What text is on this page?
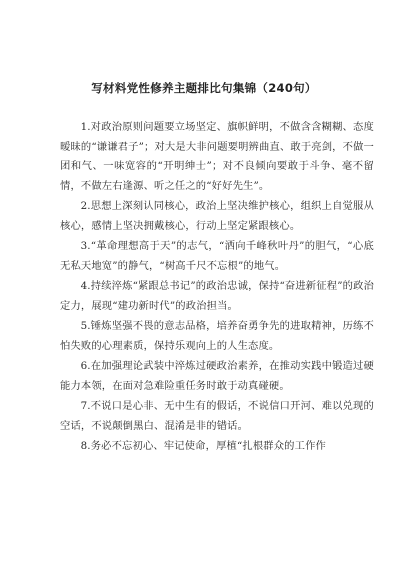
写材料党性修养主题排比句集锦（240句）

1.对政治原则问题要立场坚定、旗帜鲜明，不做含含糊糊、态度暧昧的“谦谦君子”；对大是大非问题要明辨曲直、敢于亮剑，不做一团和气、一味宽容的“开明绅士”；对不良倾向要敢于斗争、毫不留情，不做左右逢源、听之任之的“好好先生”。

2.思想上深刻认同核心，政治上坚决维护核心，组织上自觉服从核心，感情上坚决拥戴核心，行动上坚定紧跟核心。

3.“革命理想高于天”的志气，“洒向千峰秋叶丹”的胆气，“心底无私天地宽”的静气，“树高千尺不忘根”的地气。

4.持续淬炼“紧跟总书记”的政治忠诚，保持“奋进新征程”的政治定力，展现“建功新时代”的政治担当。

5.锤炼坚强不畏的意志品格，培养奋勇争先的进取精神，历练不怕失败的心理素质，保持乐观向上的人生态度。

6.在加强理论武装中淬炼过硬政治素养，在推动实践中锻造过硬能力本领，在面对急难险重任务时敢于动真碰硬。

7.不说口是心非、无中生有的假话，不说信口开河、难以兑现的空话，不说颠倒黑白、混淆是非的错话。

8.务必不忘初心、牢记使命，厚植“扎根群众的工作作
